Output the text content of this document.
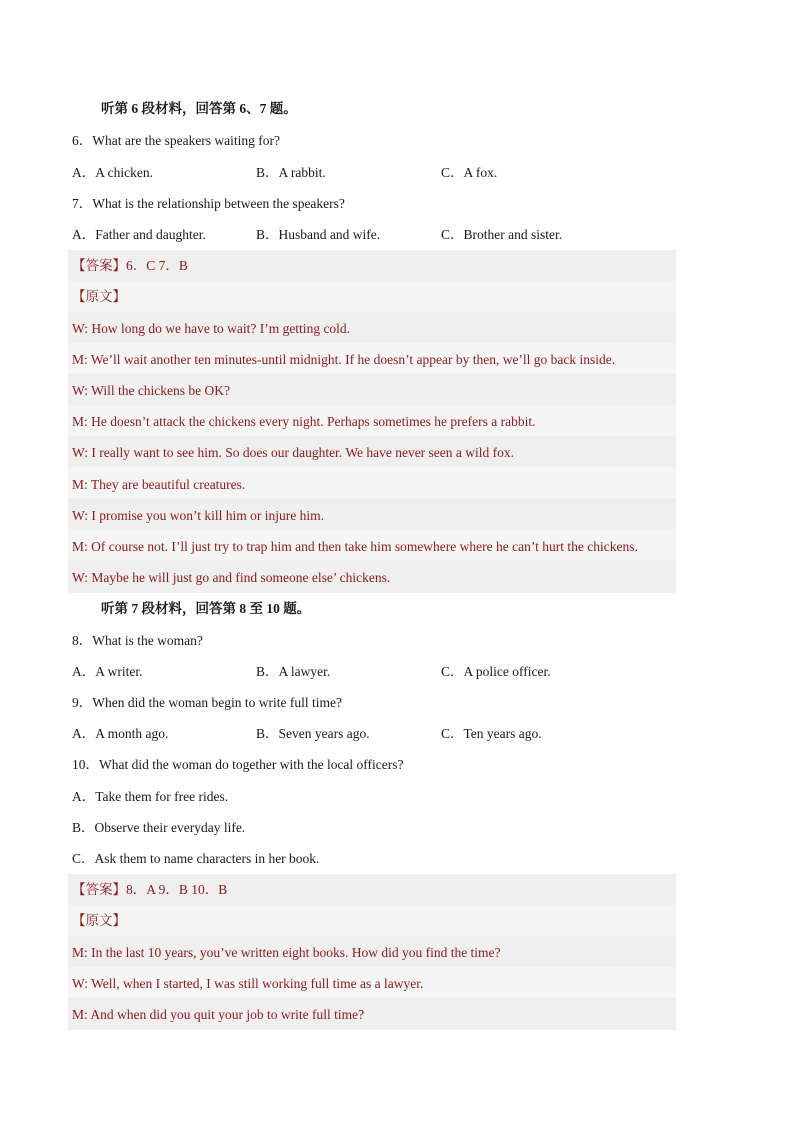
听第 6 段材料，回答第 6、7 题。
6．What are the speakers waiting for?
A．A chicken.	B．A rabbit.	C．A fox.
7．What is the relationship between the speakers?
A．Father and daughter.	B．Husband and wife.	C．Brother and sister.
【答案】6．C 7．B
【原文】
W: How long do we have to wait? I’m getting cold.
M: We’ll wait another ten minutes-until midnight. If he doesn’t appear by then, we’ll go back inside.
W: Will the chickens be OK?
M: He doesn’t attack the chickens every night. Perhaps sometimes he prefers a rabbit.
W: I really want to see him. So does our daughter. We have never seen a wild fox.
M: They are beautiful creatures.
W: I promise you won’t kill him or injure him.
M: Of course not. I’ll just try to trap him and then take him somewhere where he can’t hurt the chickens.
W: Maybe he will just go and find someone else’ chickens.
听第 7 段材料，回答第 8 至 10 题。
8．What is the woman?
A．A writer.	B．A lawyer.	C．A police officer.
9．When did the woman begin to write full time?
A．A month ago.	B．Seven years ago.	C．Ten years ago.
10．What did the woman do together with the local officers?
A．Take them for free rides.
B．Observe their everyday life.
C．Ask them to name characters in her book.
【答案】8．A 9．B 10．B
【原文】
M: In the last 10 years, you’ve written eight books. How did you find the time?
W: Well, when I started, I was still working full time as a lawyer.
M: And when did you quit your job to write full time?
